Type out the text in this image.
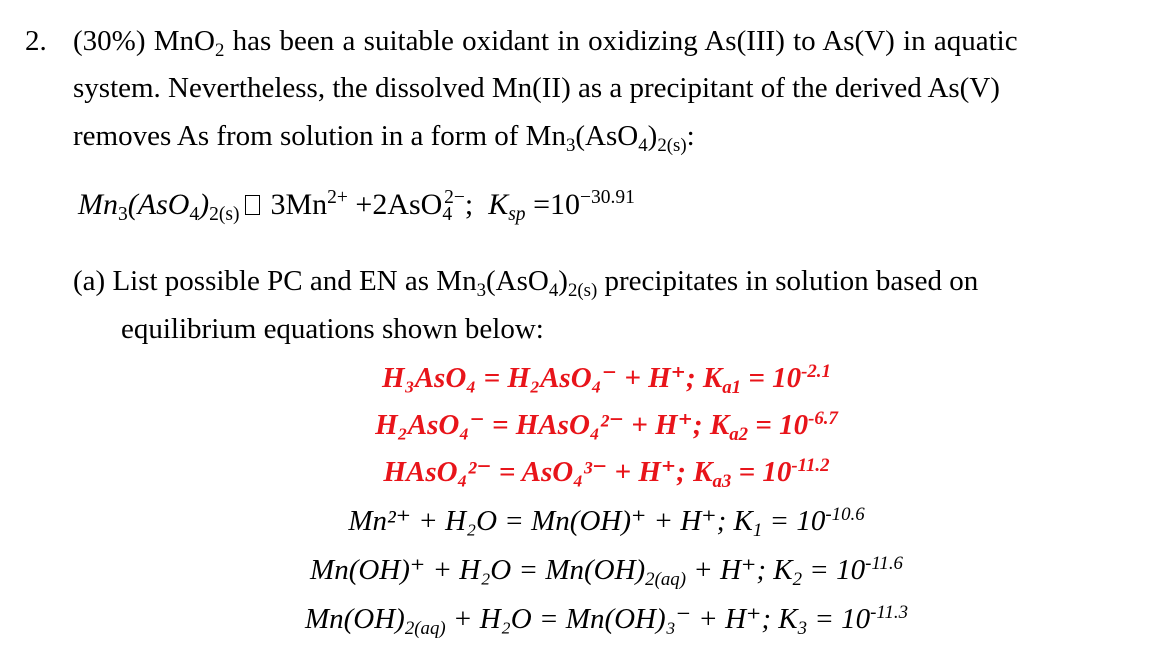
2. (30%) MnO$_2$ has been a suitable oxidant in oxidizing As(III) to As(V) in aquatic
system. Nevertheless, the dissolved Mn(II) as a precipitant of the derived As(V)
removes As from solution in a form of $Mn_3(AsO_4)_{2(s)}$:
$Mn_3(AsO_4)_{2(s)}$ $3Mn^{2+} +2AsO_4^{2-}$; $K_{sp} =10^{-30.91}$
(a) List possible PC and EN as $Mn_3(AsO_4)_{2(s)}$ precipitates in solution based on
equilibrium equations shown below:
H₃AsO₄ = H₂AsO₄⁻ + H⁺; $K_{a1} = 10^{-2.1}$
H₂AsO₄⁻ = HAsO₄²⁻ + H⁺; $K_{a2} = 10^{-6.7}$
HAsO₄²⁻ = AsO₄³⁻ + H⁺; $K_{a3} = 10^{-11.2}$
Mn²⁺ + H₂O = Mn(OH)⁺ + H⁺; $K_1 = 10^{-10.6}$
$Mn(OH)^+ + H_2O = Mn(OH)_{2(aq)} + H^+$; $K_2 = 10^{-11.6}$
$Mn(OH)_{2(aq)} + H_2O = Mn(OH)_3^- + H^+$; $K_3 = 10^{-11.3}$
